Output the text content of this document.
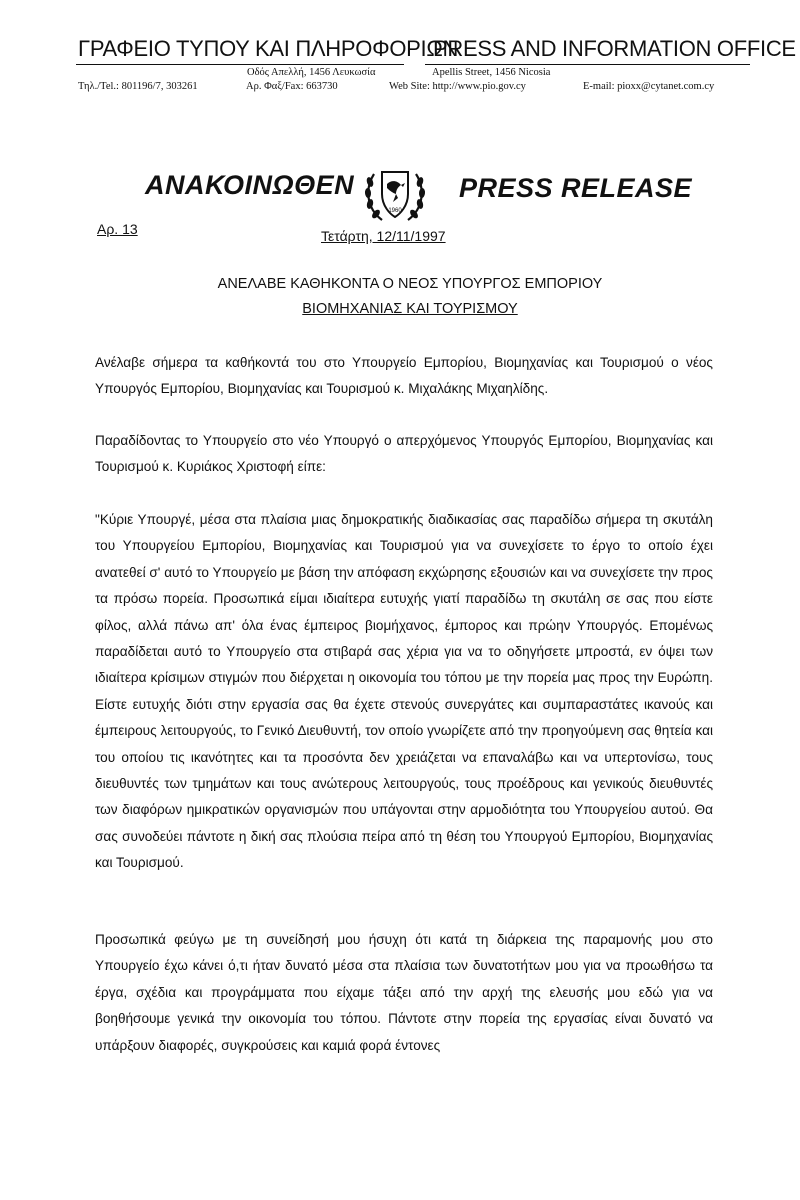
ΓΡΑΦΕΙΟ ΤΥΠΟΥ ΚΑΙ ΠΛΗΡΟΦΟΡΙΩΝ
PRESS AND INFORMATION OFFICE
Οδός Απελλή, 1456 Λευκωσία	Apellis Street, 1456 Nicosia
Τηλ./Tel.: 801196/7, 303261	Αρ. Φαξ/Fax: 663730	Web Site: http://www.pio.gov.cy	E-mail: pioxx@cytanet.com.cy
ΑΝΑΚΟΙΝΩΘΕΝ
1960
PRESS RELEASE
Αρ. 13	Τετάρτη, 12/11/1997
ΑΝΕΛΑΒΕ ΚΑΘΗΚΟΝΤΑ Ο ΝΕΟΣ ΥΠΟΥΡΓΟΣ ΕΜΠΟΡΙΟΥ
ΒΙΟΜΗΧΑΝΙΑΣ ΚΑΙ ΤΟΥΡΙΣΜΟΥ

Ανέλαβε σήμερα τα καθήκοντά του στο Υπουργείο Εμπορίου, Βιομηχανίας και Τουρισμού ο νέος Υπουργός Εμπορίου, Βιομηχανίας και Τουρισμού κ. Μιχαλάκης Μιχαηλίδης.

Παραδίδοντας το Υπουργείο στο νέο Υπουργό ο απερχόμενος Υπουργός Εμπορίου, Βιομηχανίας και Τουρισμού κ. Κυριάκος Χριστοφή είπε:

"Κύριε Υπουργέ, μέσα στα πλαίσια μιας δημοκρατικής διαδικασίας σας παραδίδω σήμερα τη σκυτάλη του Υπουργείου Εμπορίου, Βιομηχανίας και Τουρισμού για να συνεχίσετε το έργο το οποίο έχει ανατεθεί σ' αυτό το Υπουργείο με βάση την απόφαση εκχώρησης εξουσιών και να συνεχίσετε την προς τα πρόσω πορεία. Προσωπικά είμαι ιδιαίτερα ευτυχής γιατί παραδίδω τη σκυτάλη σε σας που είστε φίλος, αλλά πάνω απ' όλα ένας έμπειρος βιομήχανος, έμπορος και πρώην Υπουργός. Επομένως παραδίδεται αυτό το Υπουργείο στα στιβαρά σας χέρια για να το οδηγήσετε μπροστά, εν όψει των ιδιαίτερα κρίσιμων στιγμών που διέρχεται η οικονομία του τόπου με την πορεία μας προς την Ευρώπη. Είστε ευτυχής διότι στην εργασία σας θα έχετε στενούς συνεργάτες και συμπαραστάτες ικανούς και έμπειρους λειτουργούς, το Γενικό Διευθυντή, τον οποίο γνωρίζετε από την προηγούμενη σας θητεία και του οποίου τις ικανότητες και τα προσόντα δεν χρειάζεται να επαναλάβω και να υπερτονίσω, τους διευθυντές των τμημάτων και τους ανώτερους λειτουργούς, τους προέδρους και γενικούς διευθυντές των διαφόρων ημικρατικών οργανισμών που υπάγονται στην αρμοδιότητα του Υπουργείου αυτού. Θα σας συνοδεύει πάντοτε η δική σας πλούσια πείρα από τη θέση του Υπουργού Εμπορίου, Βιομηχανίας και Τουρισμού.

Προσωπικά φεύγω με τη συνείδησή μου ήσυχη ότι κατά τη διάρκεια της παραμονής μου στο Υπουργείο έχω κάνει ό,τι ήταν δυνατό μέσα στα πλαίσια των δυνατοτήτων μου για να προωθήσω τα έργα, σχέδια και προγράμματα που είχαμε τάξει από την αρχή της ελευσής μου εδώ για να βοηθήσουμε γενικά την οικονομία του τόπου. Πάντοτε στην πορεία της εργασίας είναι δυνατό να υπάρξουν διαφορές, συγκρούσεις και καμιά φορά έντονες
